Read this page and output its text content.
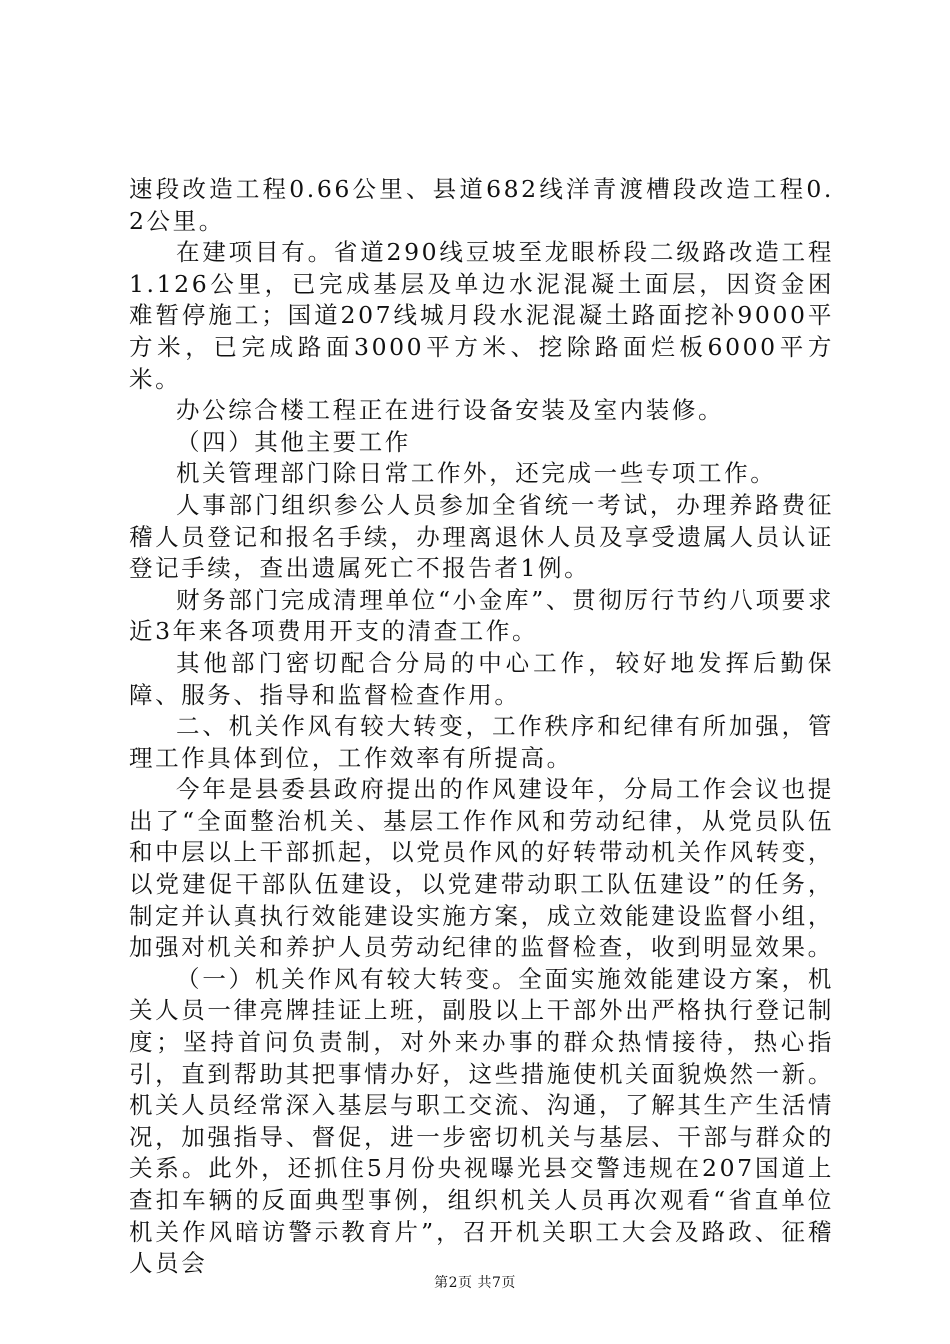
速段改造工程0.66公里、县道682线洋青渡槽段改造工程0.2公里。

在建项目有。省道290线豆坡至龙眼桥段二级路改造工程1.126公里，已完成基层及单边水泥混凝土面层，因资金困难暂停施工；国道207线城月段水泥混凝土路面挖补9000平方米，已完成路面3000平方米、挖除路面烂板6000平方米。

办公综合楼工程正在进行设备安装及室内装修。

（四）其他主要工作

机关管理部门除日常工作外，还完成一些专项工作。

人事部门组织参公人员参加全省统一考试，办理养路费征稽人员登记和报名手续，办理离退休人员及享受遗属人员认证登记手续，查出遗属死亡不报告者1例。

财务部门完成清理单位“小金库”、贯彻厉行节约八项要求近3年来各项费用开支的清查工作。

其他部门密切配合分局的中心工作，较好地发挥后勤保障、服务、指导和监督检查作用。

二、机关作风有较大转变，工作秩序和纪律有所加强，管理工作具体到位，工作效率有所提高。

今年是县委县政府提出的作风建设年，分局工作会议也提出了“全面整治机关、基层工作作风和劳动纪律，从党员队伍和中层以上干部抓起，以党员作风的好转带动机关作风转变，以党建促干部队伍建设，以党建带动职工队伍建设”的任务，制定并认真执行效能建设实施方案，成立效能建设监督小组，加强对机关和养护人员劳动纪律的监督检查，收到明显效果。

（一）机关作风有较大转变。全面实施效能建设方案，机关人员一律亮牌挂证上班，副股以上干部外出严格执行登记制度；坚持首问负责制，对外来办事的群众热情接待，热心指引，直到帮助其把事情办好，这些措施使机关面貌焕然一新。机关人员经常深入基层与职工交流、沟通，了解其生产生活情况，加强指导、督促，进一步密切机关与基层、干部与群众的关系。此外，还抓住5月份央视曝光县交警违规在207国道上查扣车辆的反面典型事例，组织机关人员再次观看“省直单位机关作风暗访警示教育片”，召开机关职工大会及路政、征稽人员会

第2页 共7页
